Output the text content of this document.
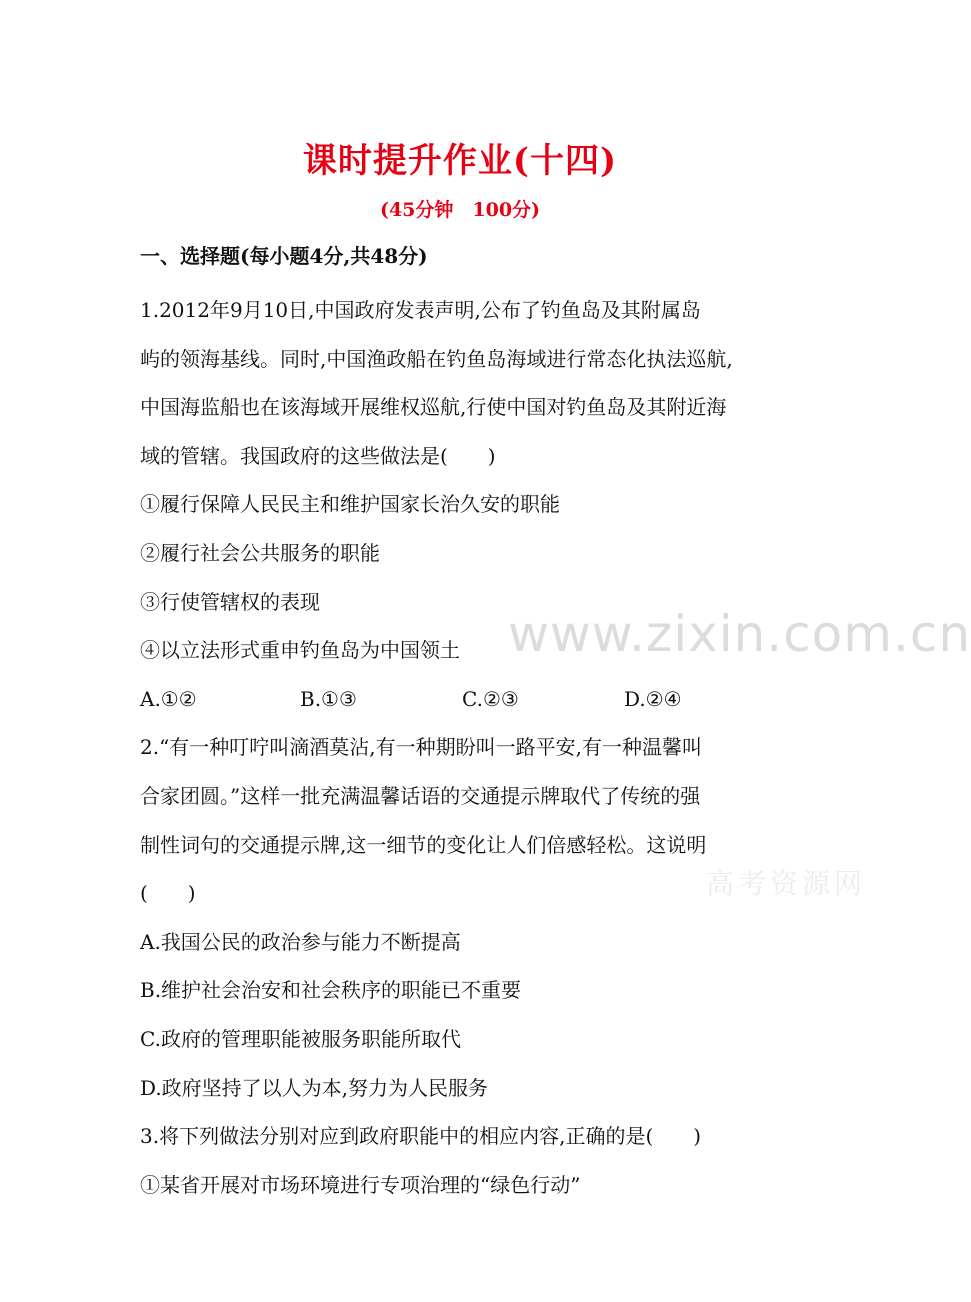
课时提升作业(十四)
(45分钟　100分)
一、选择题(每小题4分,共48分)
1.2012年9月10日,中国政府发表声明,公布了钓鱼岛及其附属岛
屿的领海基线。同时,中国渔政船在钓鱼岛海域进行常态化执法巡航,
中国海监船也在该海域开展维权巡航,行使中国对钓鱼岛及其附近海
域的管辖。我国政府的这些做法是(　　)
①履行保障人民民主和维护国家长治久安的职能
②履行社会公共服务的职能
③行使管辖权的表现
④以立法形式重申钓鱼岛为中国领土
A.①②	B.①③	C.②③	D.②④
2.“有一种叮咛叫滴酒莫沾,有一种期盼叫一路平安,有一种温馨叫
合家团圆。”这样一批充满温馨话语的交通提示牌取代了传统的强
制性词句的交通提示牌,这一细节的变化让人们倍感轻松。这说明
(　　)
A.我国公民的政治参与能力不断提高
B.维护社会治安和社会秩序的职能已不重要
C.政府的管理职能被服务职能所取代
D.政府坚持了以人为本,努力为人民服务
3.将下列做法分别对应到政府职能中的相应内容,正确的是(　　)
①某省开展对市场环境进行专项治理的“绿色行动”
www.zixin.com.cn
高考资源网
